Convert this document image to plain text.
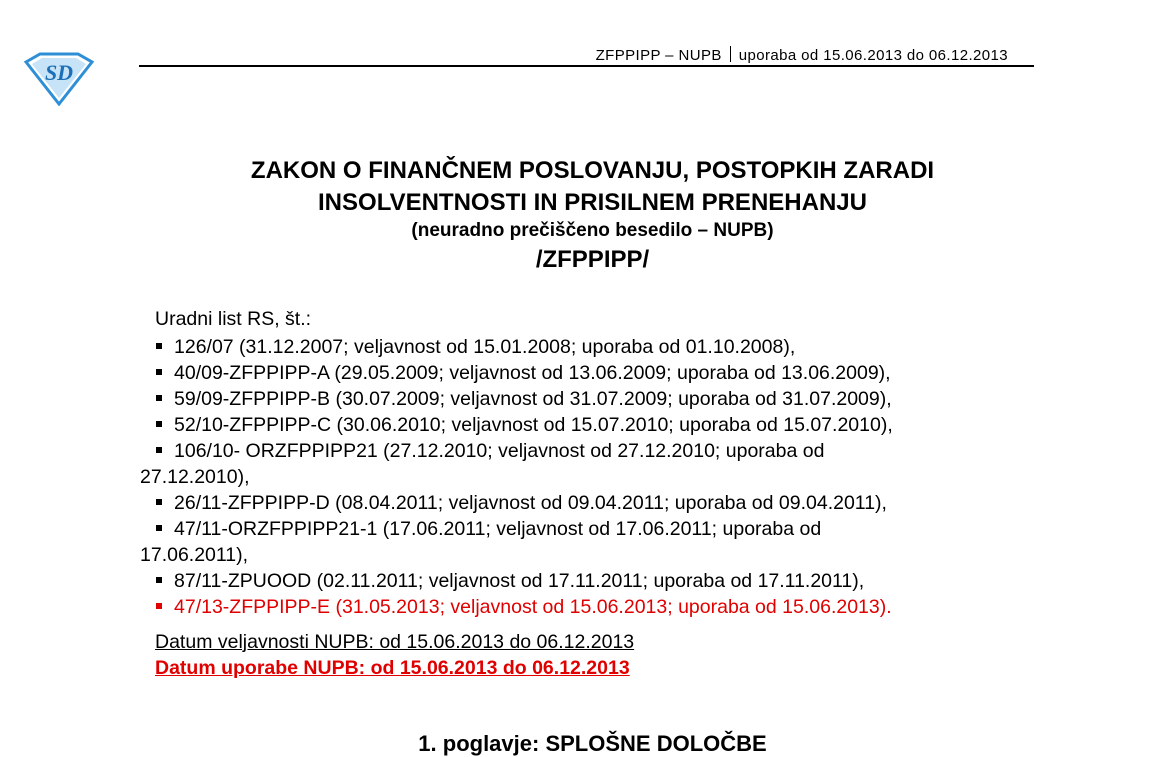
SD
ZFPPIPP – NUPB uporaba od 15.06.2013 do 06.12.2013
ZAKON O FINANČNEM POSLOVANJU, POSTOPKIH ZARADI
INSOLVENTNOSTI IN PRISILNEM PRENEHANJU
(neuradno prečiščeno besedilo – NUPB)
/ZFPPIPP/
Uradni list RS, št.:
126/07 (31.12.2007; veljavnost od 15.01.2008; uporaba od 01.10.2008),
40/09-ZFPPIPP-A (29.05.2009; veljavnost od 13.06.2009; uporaba od 13.06.2009),
59/09-ZFPPIPP-B (30.07.2009; veljavnost od 31.07.2009; uporaba od 31.07.2009),
52/10-ZFPPIPP-C (30.06.2010; veljavnost od 15.07.2010; uporaba od 15.07.2010),
106/10- ORZFPPIPP21 (27.12.2010; veljavnost od 27.12.2010; uporaba od
27.12.2010),
26/11-ZFPPIPP-D (08.04.2011; veljavnost od 09.04.2011; uporaba od 09.04.2011),
47/11-ORZFPPIPP21-1 (17.06.2011; veljavnost od 17.06.2011; uporaba od
17.06.2011),
87/11-ZPUOOD (02.11.2011; veljavnost od 17.11.2011; uporaba od 17.11.2011),
47/13-ZFPPIPP-E (31.05.2013; veljavnost od 15.06.2013; uporaba od 15.06.2013).
Datum veljavnosti NUPB: od 15.06.2013 do 06.12.2013
Datum uporabe NUPB: od 15.06.2013 do 06.12.2013
1. poglavje: SPLOŠNE DOLOČBE
